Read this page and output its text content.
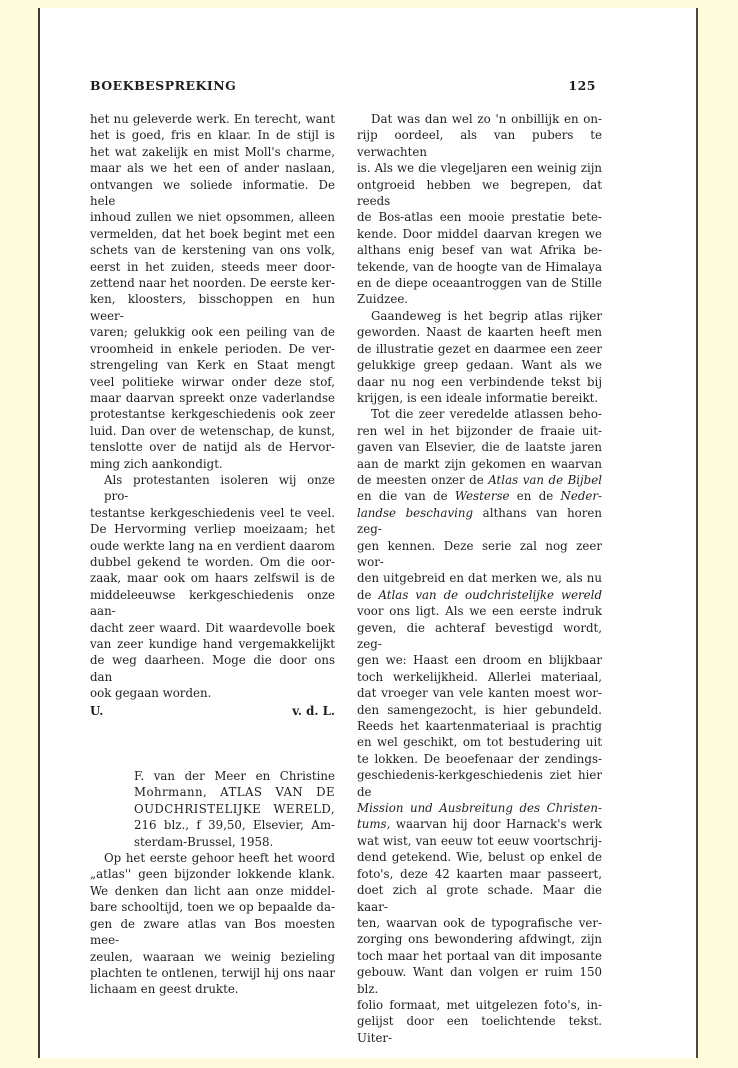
BOEKBESPREKING	125

het nu geleverde werk. En terecht, want
het is goed, fris en klaar. In de stijl is
het wat zakelijk en mist Moll's charme,
maar als we het een of ander naslaan,
ontvangen we soliede informatie. De hele
inhoud zullen we niet opsommen, alleen
vermelden, dat het boek begint met een
schets van de kerstening van ons volk,
eerst in het zuiden, steeds meer door-
zettend naar het noorden. De eerste ker-
ken, kloosters, bisschoppen en hun weer-
varen; gelukkig ook een peiling van de
vroomheid in enkele perioden. De ver-
strengeling van Kerk en Staat mengt
veel politieke wirwar onder deze stof,
maar daarvan spreekt onze vaderlandse
protestantse kerkgeschiedenis ook zeer
luid. Dan over de wetenschap, de kunst,
tenslotte over de natijd als de Hervor-
ming zich aankondigt.

Als protestanten isoleren wij onze pro-
testantse kerkgeschiedenis veel te veel.
De Hervorming verliep moeizaam; het
oude werkte lang na en verdient daarom
dubbel gekend te worden. Om die oor-
zaak, maar ook om haars zelfswil is de
middeleeuwse kerkgeschiedenis onze aan-
dacht zeer waard. Dit waardevolle boek
van zeer kundige hand vergemakkelijkt
de weg daarheen. Moge die door ons dan
ook gegaan worden.

U.	v. d. L.
F. van der Meer en Christine
Mohrmann, ATLAS VAN DE
OUDCHRISTELIJKE WERELD,
216 blz., f 39,50, Elsevier, Am-
sterdam-Brussel, 1958.

Op het eerste gehoor heeft het woord
„atlas'' geen bijzonder lokkende klank.
We denken dan licht aan onze middel-
bare schooltijd, toen we op bepaalde da-
gen de zware atlas van Bos moesten mee-
zeulen, waaraan we weinig bezieling
plachten te ontlenen, terwijl hij ons naar
lichaam en geest drukte.

Dat was dan wel zo 'n onbillijk en on-
rijp oordeel, als van pubers te verwachten
is. Als we die vlegeljaren een weinig zijn
ontgroeid hebben we begrepen, dat reeds
de Bos-atlas een mooie prestatie bete-
kende. Door middel daarvan kregen we
althans enig besef van wat Afrika be-
tekende, van de hoogte van de Himalaya
en de diepe oceaantroggen van de Stille
Zuidzee.

Gaandeweg is het begrip atlas rijker
geworden. Naast de kaarten heeft men
de illustratie gezet en daarmee een zeer
gelukkige greep gedaan. Want als we
daar nu nog een verbindende tekst bij
krijgen, is een ideale informatie bereikt.

Tot die zeer veredelde atlassen beho-
ren wel in het bijzonder de fraaie uit-
gaven van Elsevier, die de laatste jaren
aan de markt zijn gekomen en waarvan
de meesten onzer de Atlas van de Bijbel
en die van de Westerse en de Neder-
landse beschaving althans van horen zeg-
gen kennen. Deze serie zal nog zeer wor-
den uitgebreid en dat merken we, als nu
de Atlas van de oudchristelijke wereld
voor ons ligt. Als we een eerste indruk
geven, die achteraf bevestigd wordt, zeg-
gen we: Haast een droom en blijkbaar
toch werkelijkheid. Allerlei materiaal,
dat vroeger van vele kanten moest wor-
den samengezocht, is hier gebundeld.
Reeds het kaartenmateriaal is prachtig
en wel geschikt, om tot bestudering uit
te lokken. De beoefenaar der zendings-
geschiedenis-kerkgeschiedenis ziet hier de
Mission und Ausbreitung des Christen-
tums, waarvan hij door Harnack's werk
wat wist, van eeuw tot eeuw voortschrij-
dend getekend. Wie, belust op enkel de
foto's, deze 42 kaarten maar passeert,
doet zich al grote schade. Maar die kaar-
ten, waarvan ook de typografische ver-
zorging ons bewondering afdwingt, zijn
toch maar het portaal van dit imposante
gebouw. Want dan volgen er ruim 150 blz.
folio formaat, met uitgelezen foto's, in-
gelijst door een toelichtende tekst. Uiter-
